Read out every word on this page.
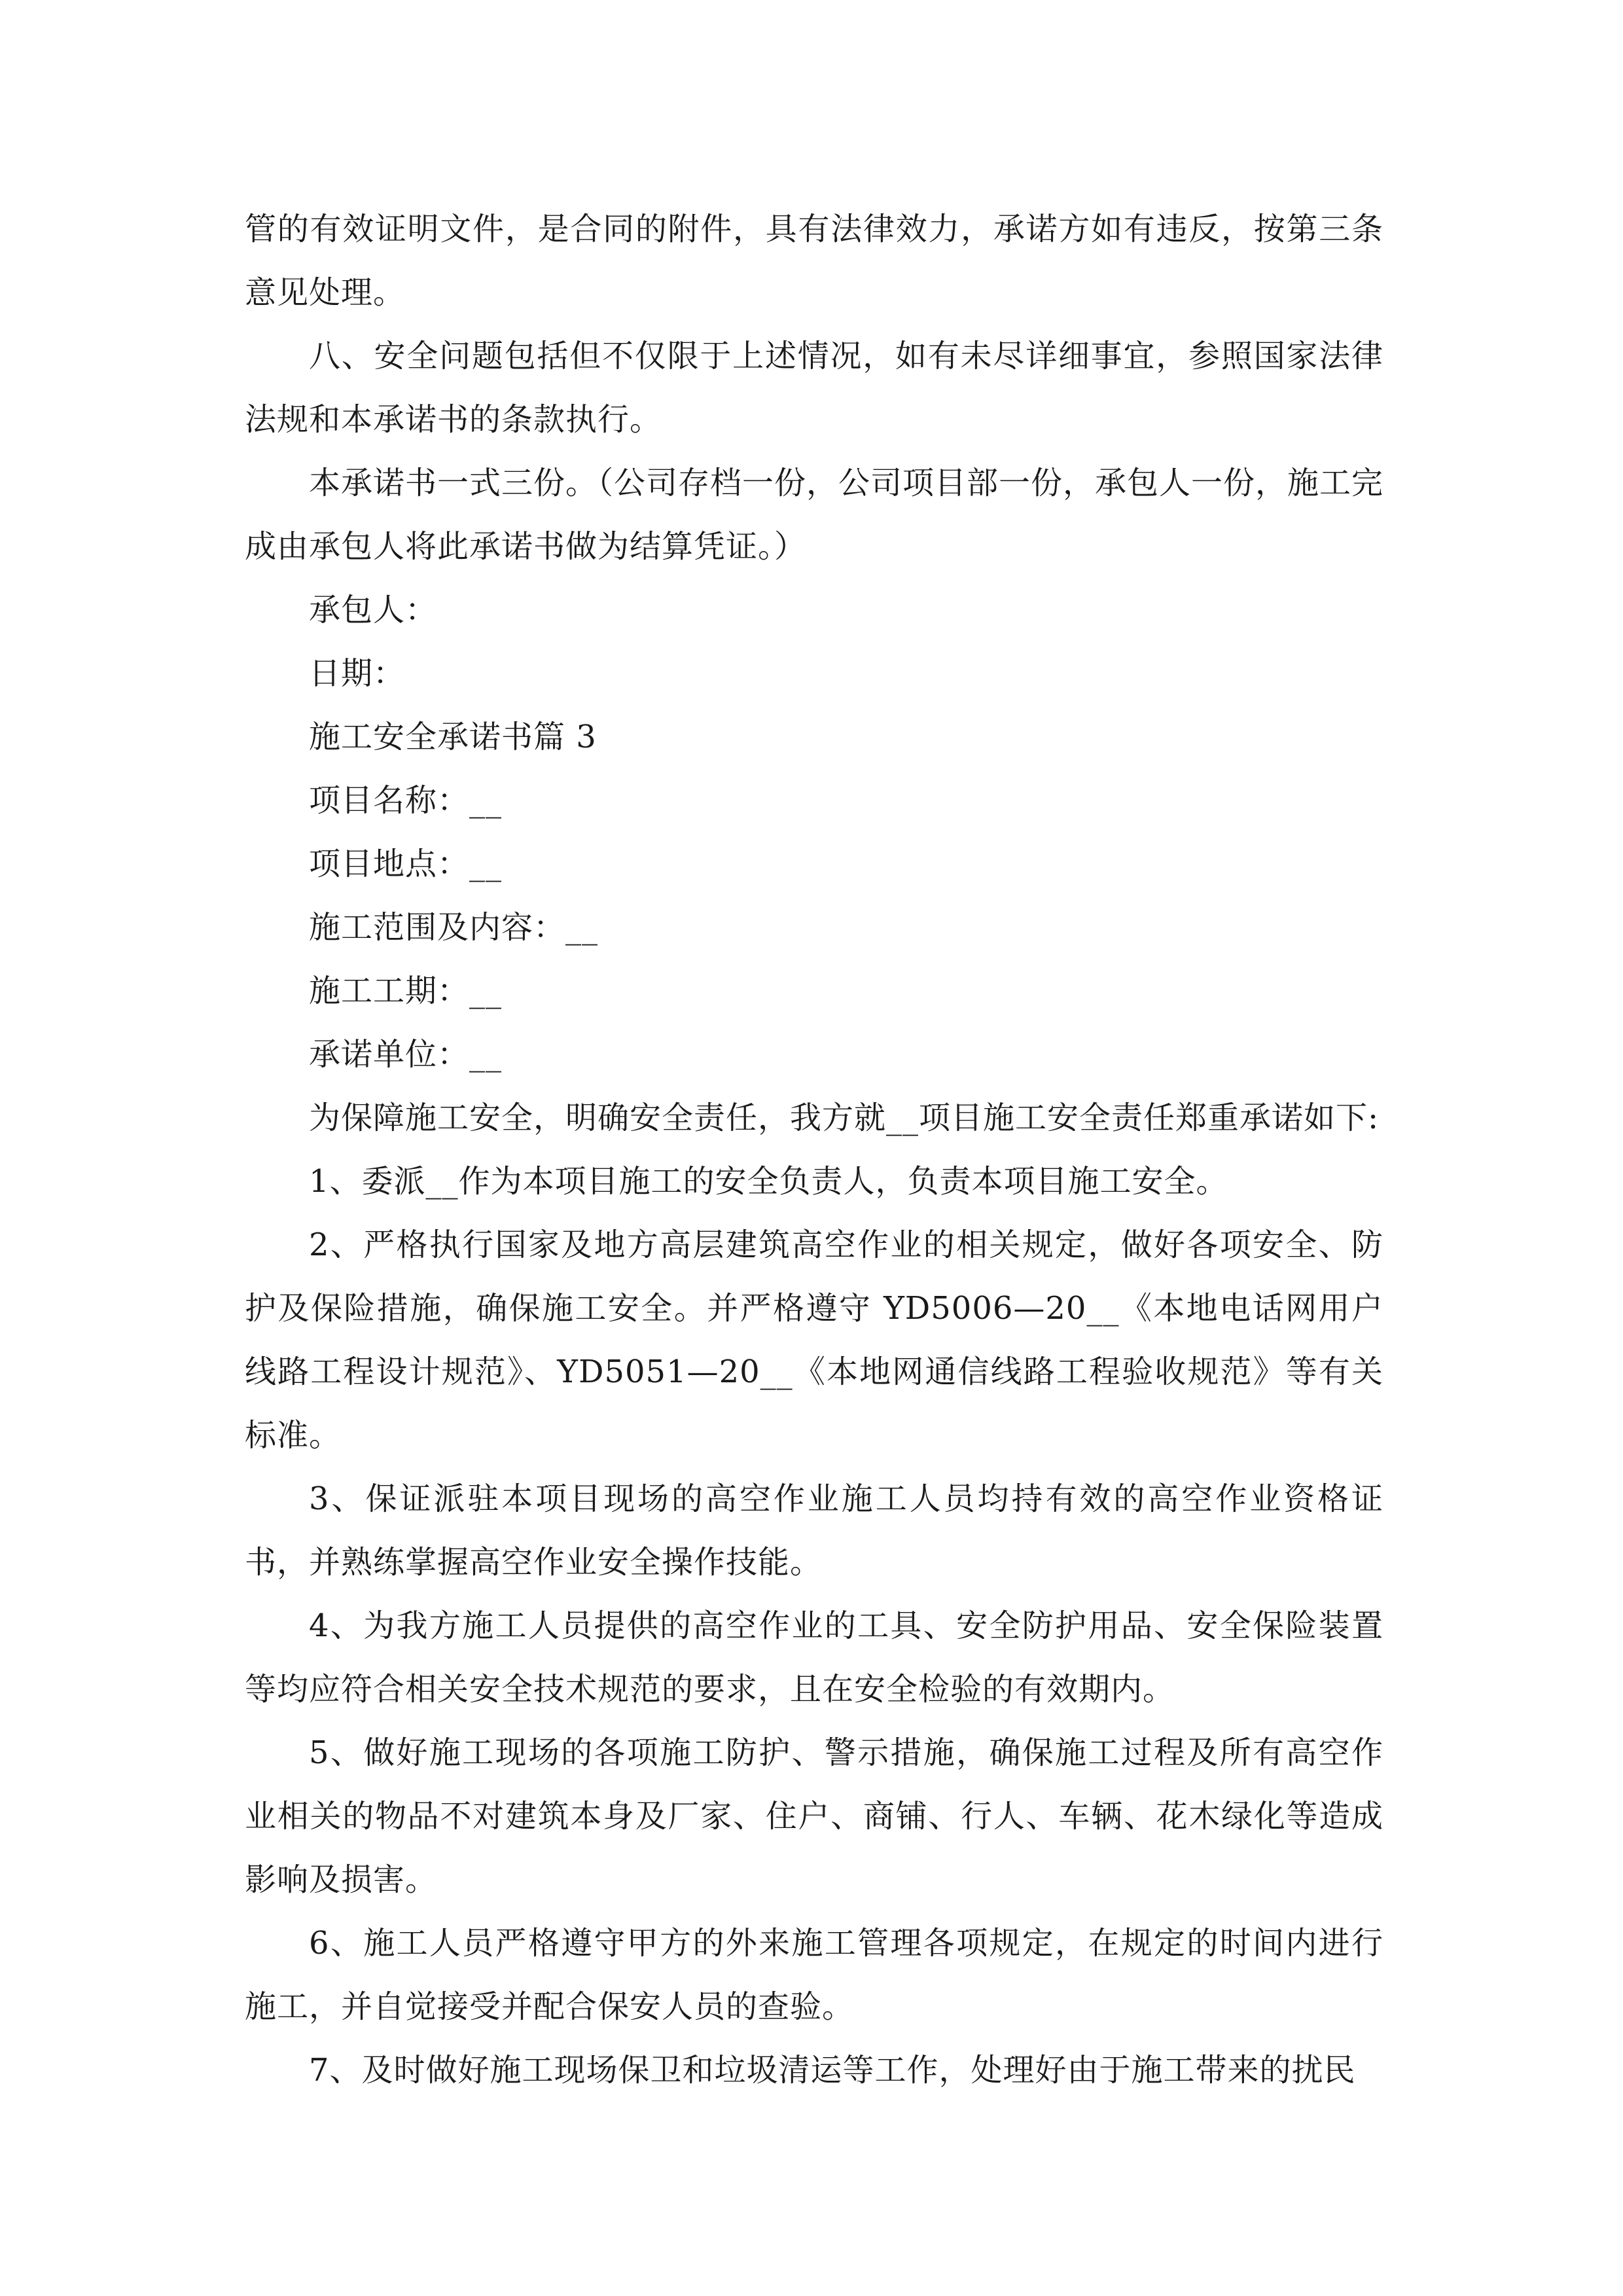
管的有效证明文件，是合同的附件，具有法律效力，承诺方如有违反，按第三条意见处理。

八、安全问题包括但不仅限于上述情况，如有未尽详细事宜，参照国家法律法规和本承诺书的条款执行。

本承诺书一式三份。（公司存档一份，公司项目部一份，承包人一份，施工完成由承包人将此承诺书做为结算凭证。）

承包人：

日期：

施工安全承诺书篇 3

项目名称：__

项目地点：__

施工范围及内容：__

施工工期：__

承诺单位：__

为保障施工安全，明确安全责任，我方就__项目施工安全责任郑重承诺如下:

1、委派__作为本项目施工的安全负责人，负责本项目施工安全。

2、严格执行国家及地方高层建筑高空作业的相关规定，做好各项安全、防护及保险措施，确保施工安全。并严格遵守 YD5006—20__《本地电话网用户线路工程设计规范》、YD5051—20__《本地网通信线路工程验收规范》等有关标准。

3、保证派驻本项目现场的高空作业施工人员均持有效的高空作业资格证书，并熟练掌握高空作业安全操作技能。

4、为我方施工人员提供的高空作业的工具、安全防护用品、安全保险装置等均应符合相关安全技术规范的要求，且在安全检验的有效期内。

5、做好施工现场的各项施工防护、警示措施，确保施工过程及所有高空作业相关的物品不对建筑本身及厂家、住户、商铺、行人、车辆、花木绿化等造成影响及损害。

6、施工人员严格遵守甲方的外来施工管理各项规定，在规定的时间内进行施工，并自觉接受并配合保安人员的查验。

7、及时做好施工现场保卫和垃圾清运等工作，处理好由于施工带来的扰民
